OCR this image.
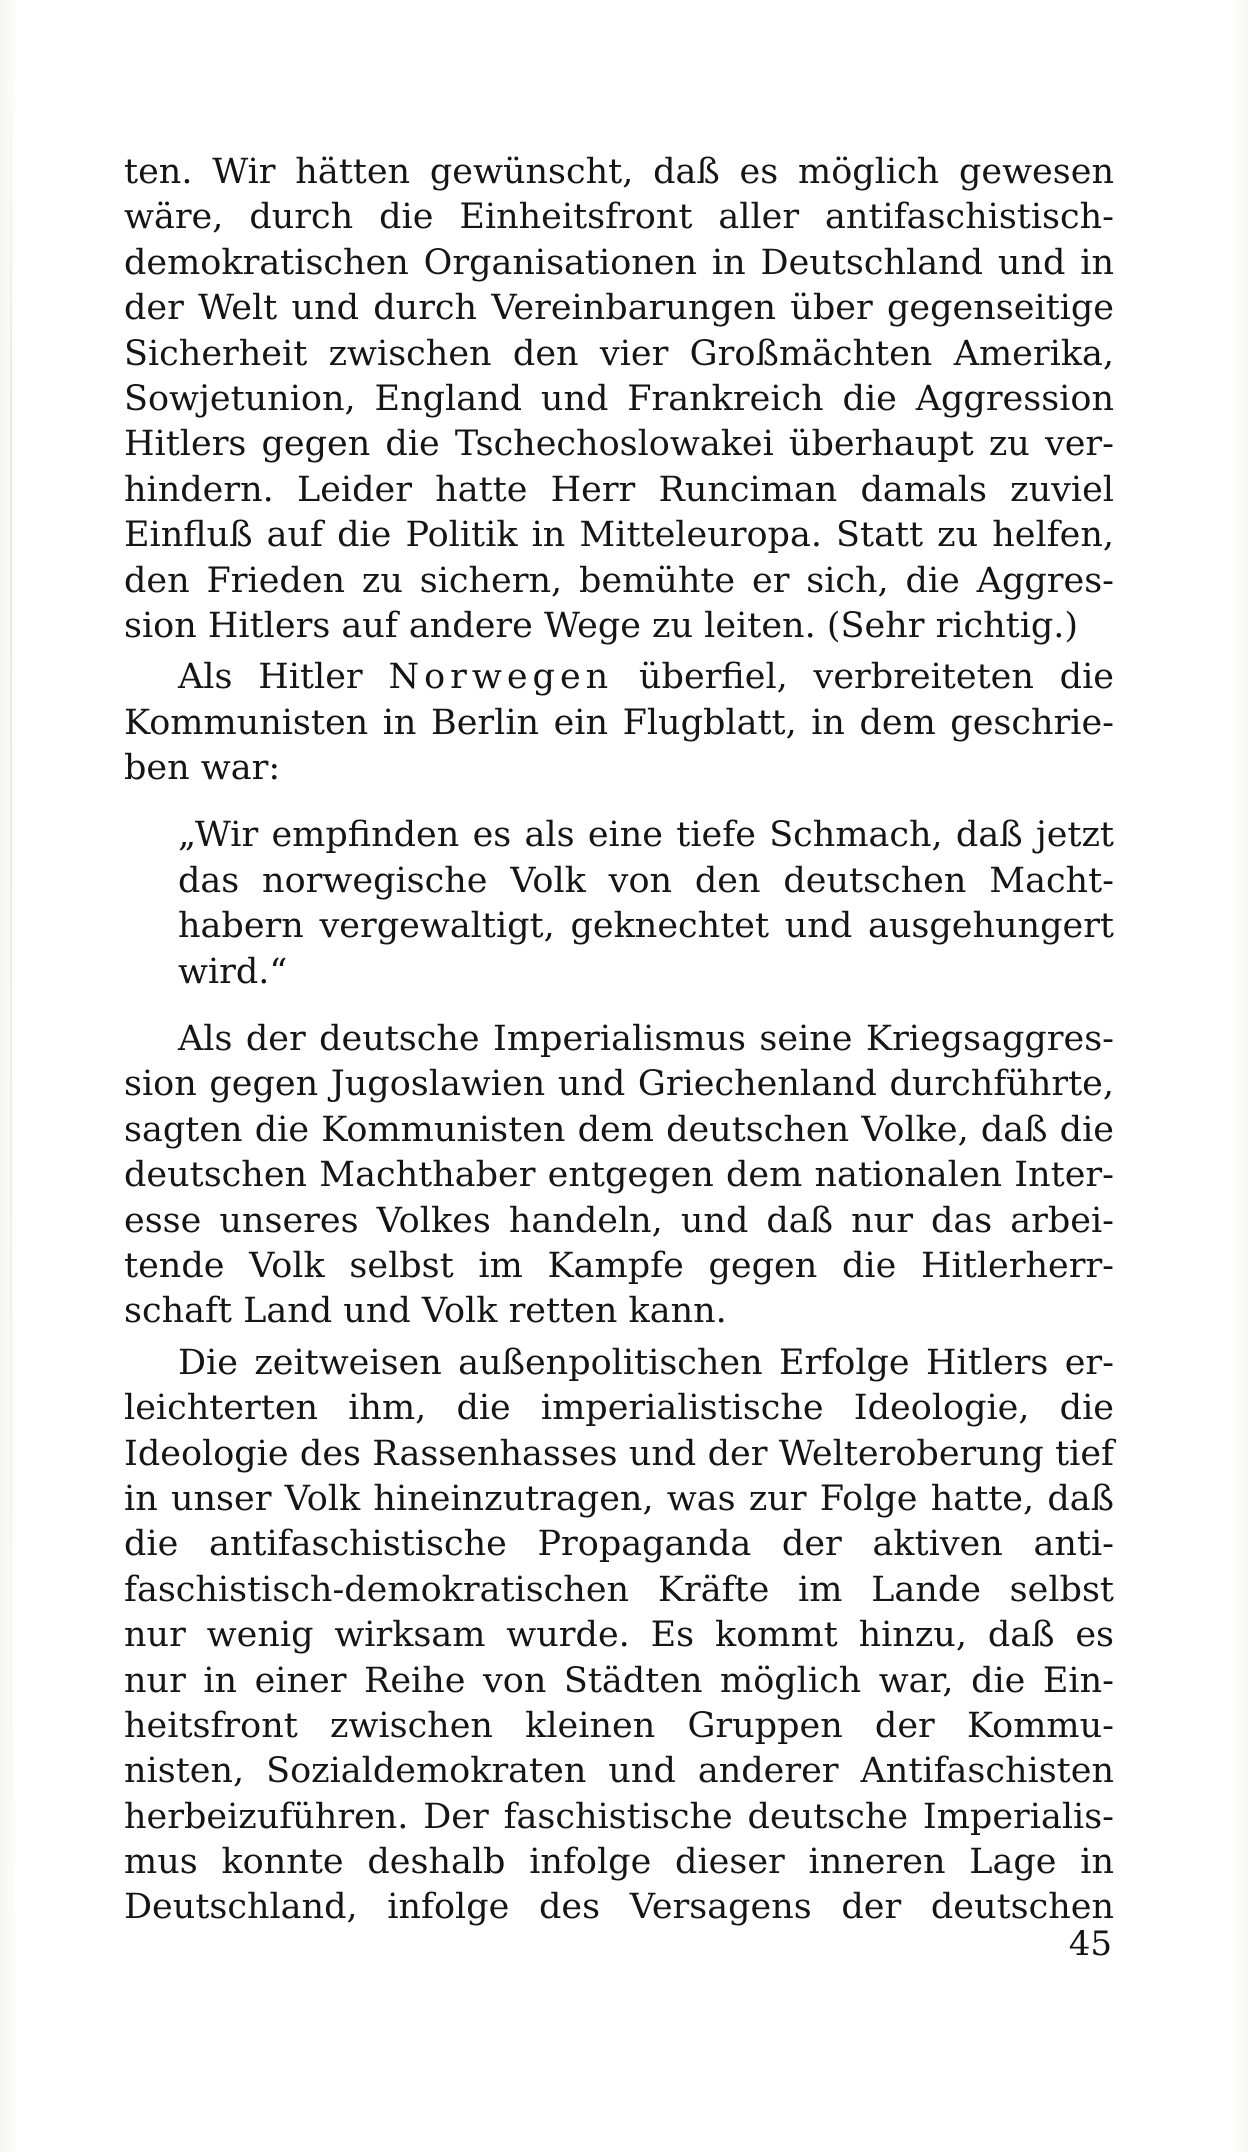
ten. Wir hätten gewünscht, daß es möglich gewesen
wäre, durch die Einheitsfront aller antifaschistisch-
demokratischen Organisationen in Deutschland und in
der Welt und durch Vereinbarungen über gegenseitige
Sicherheit zwischen den vier Großmächten Amerika,
Sowjetunion, England und Frankreich die Aggression
Hitlers gegen die Tschechoslowakei überhaupt zu ver-
hindern. Leider hatte Herr Runciman damals zuviel
Einfluß auf die Politik in Mitteleuropa. Statt zu helfen,
den Frieden zu sichern, bemühte er sich, die Aggres-
sion Hitlers auf andere Wege zu leiten. (Sehr richtig.)
Als Hitler Norwegen überfiel, verbreiteten die
Kommunisten in Berlin ein Flugblatt, in dem geschrie-
ben war:
„Wir empfinden es als eine tiefe Schmach, daß jetzt
das norwegische Volk von den deutschen Macht-
habern vergewaltigt, geknechtet und ausgehungert
wird.“
Als der deutsche Imperialismus seine Kriegsaggres-
sion gegen Jugoslawien und Griechenland durchführte,
sagten die Kommunisten dem deutschen Volke, daß die
deutschen Machthaber entgegen dem nationalen Inter-
esse unseres Volkes handeln, und daß nur das arbei-
tende Volk selbst im Kampfe gegen die Hitlerherr-
schaft Land und Volk retten kann.
Die zeitweisen außenpolitischen Erfolge Hitlers er-
leichterten ihm, die imperialistische Ideologie, die
Ideologie des Rassenhasses und der Welteroberung tief
in unser Volk hineinzutragen, was zur Folge hatte, daß
die antifaschistische Propaganda der aktiven anti-
faschistisch-demokratischen Kräfte im Lande selbst
nur wenig wirksam wurde. Es kommt hinzu, daß es
nur in einer Reihe von Städten möglich war, die Ein-
heitsfront zwischen kleinen Gruppen der Kommu-
nisten, Sozialdemokraten und anderer Antifaschisten
herbeizuführen. Der faschistische deutsche Imperialis-
mus konnte deshalb infolge dieser inneren Lage in
Deutschland, infolge des Versagens der deutschen
45
